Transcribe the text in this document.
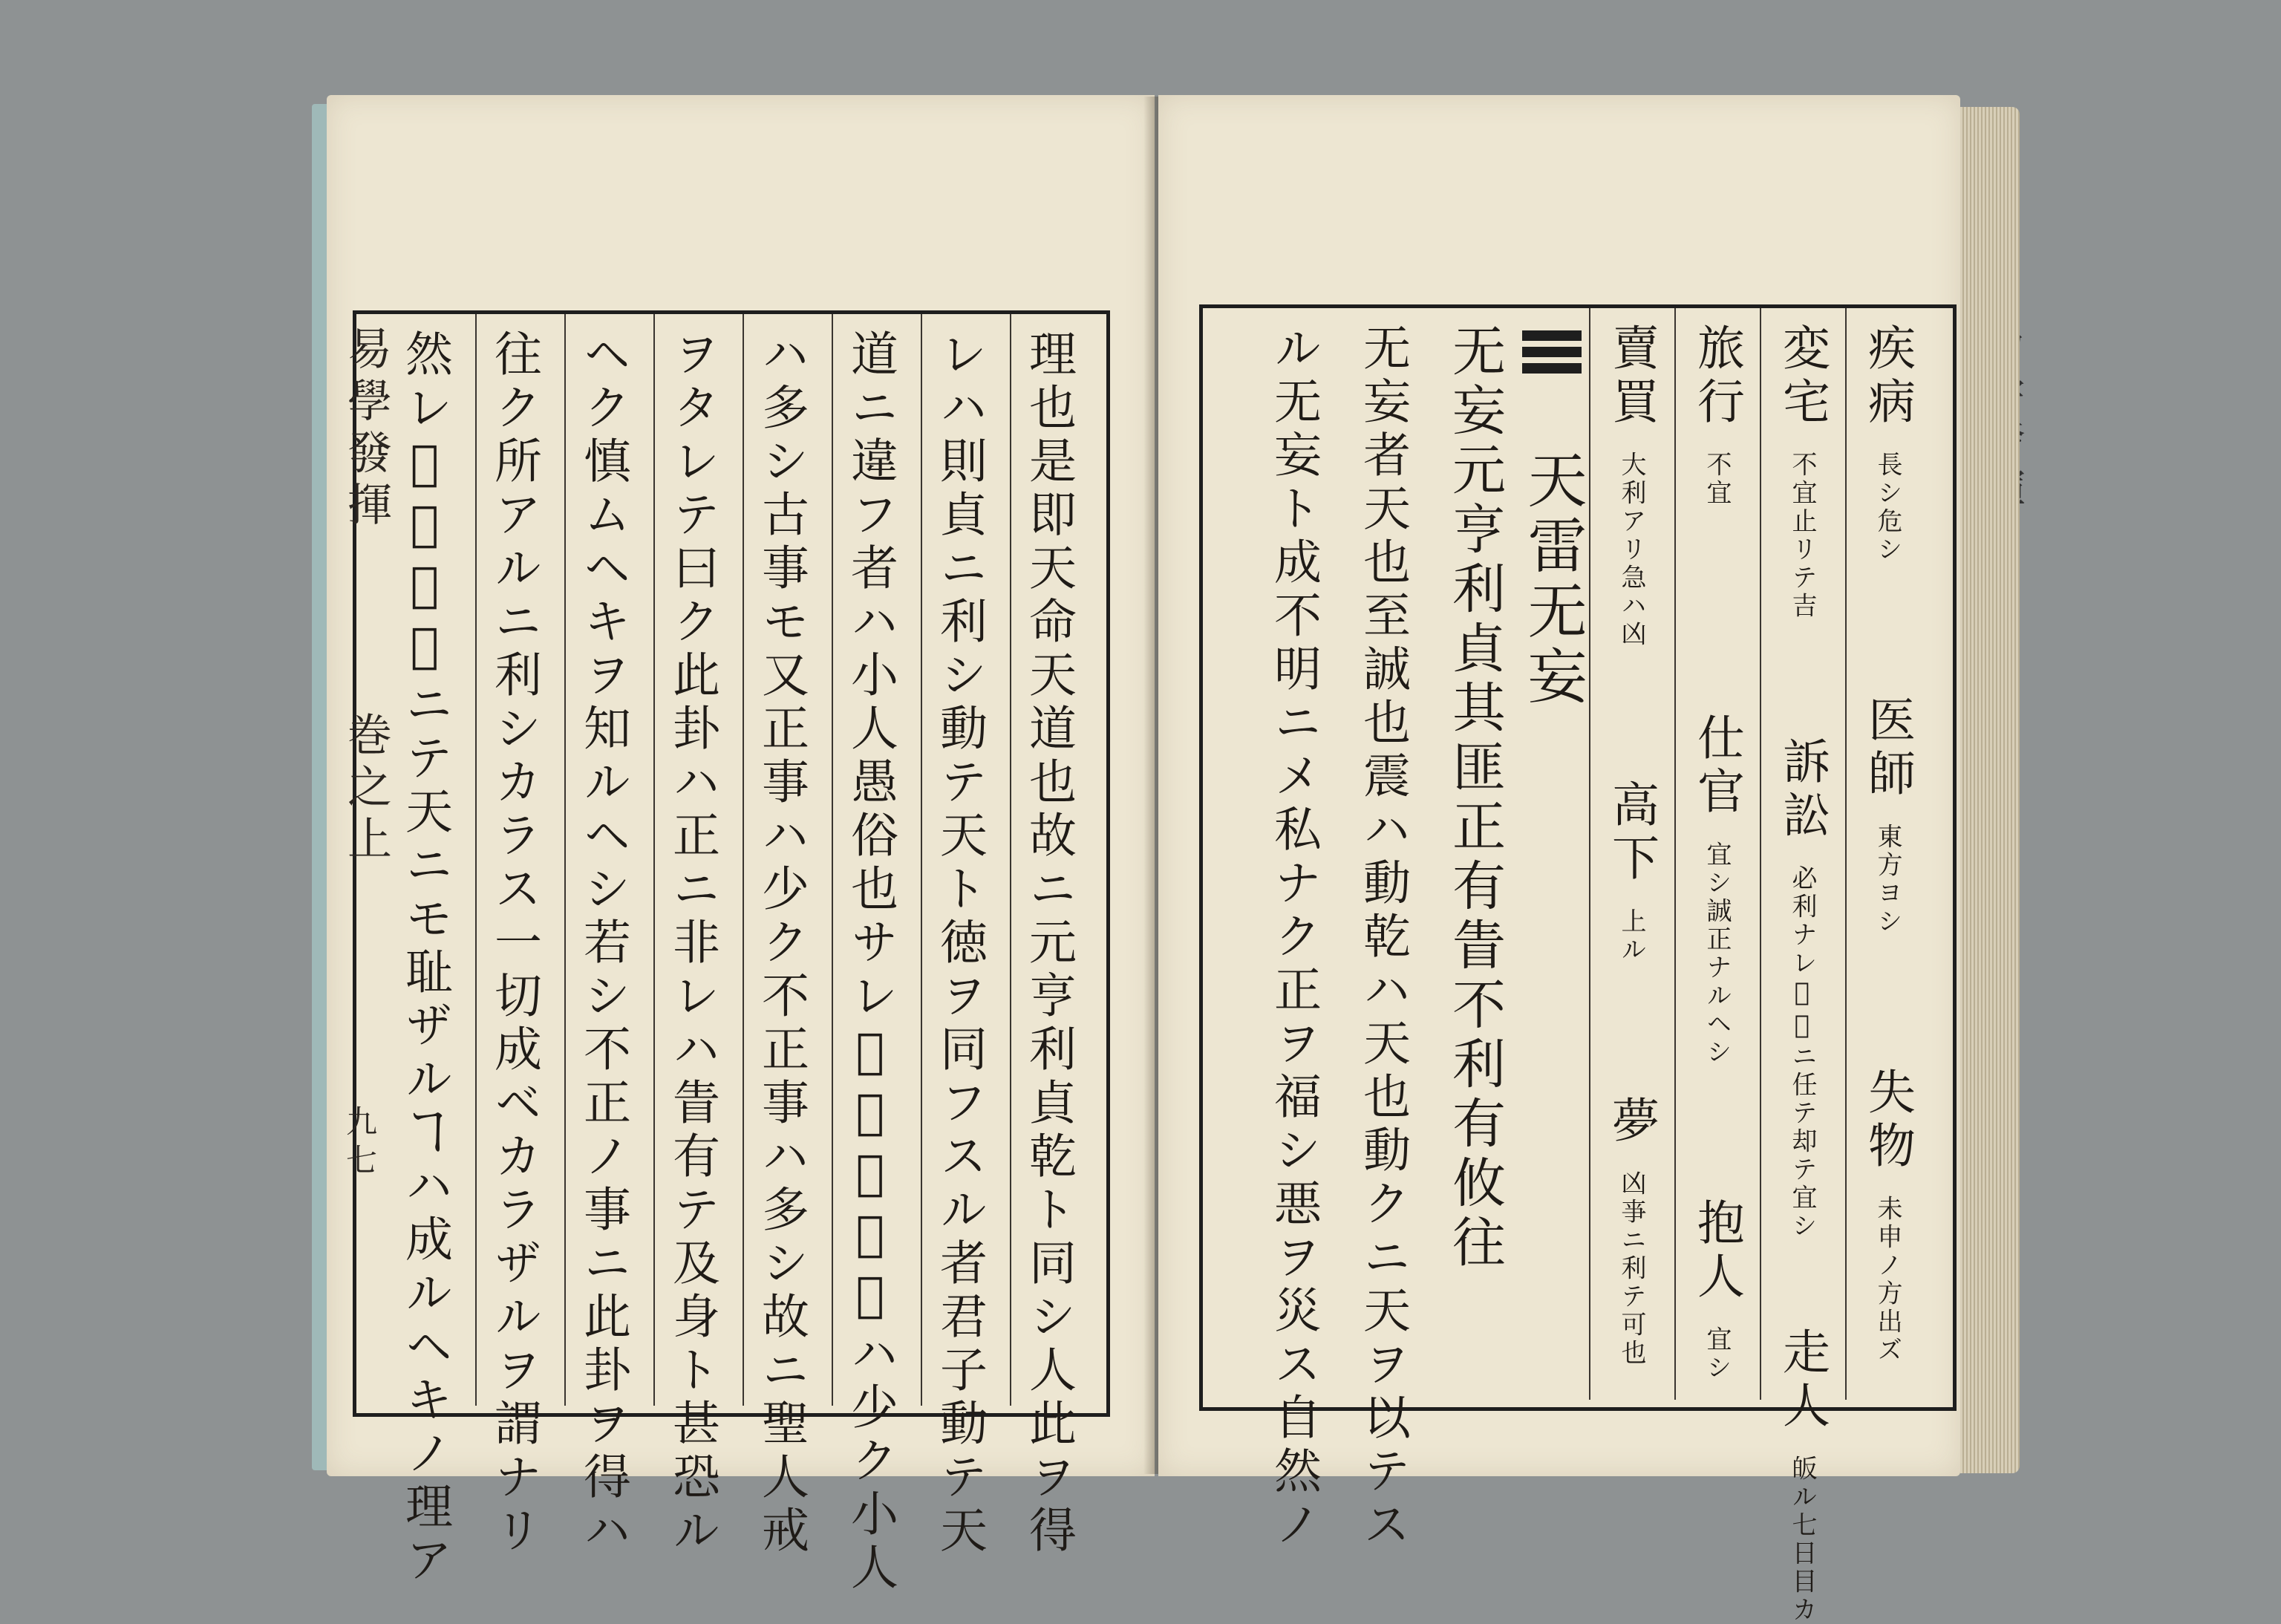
理也是即天命天道也故ニ元亨利貞乾ト同シ人此ヲ得
レハ則貞ニ利シ動テ天ト徳ヲ同フスル者君子動テ天
道ニ違フ者ハ小人愚俗也サレ𪜈古今君子ハ少ク小人
ハ多シ古事モ又正事ハ少ク不正事ハ多シ故ニ聖人戒
ヲタレテ曰ク此卦ハ正ニ非レハ眚有テ及身ト甚恐ル
ヘク慎ムヘキヲ知ルヘシ若シ不正ノ事ニ此卦ヲ得ハ
往ク所アルニ利シカラス一切成ベカラザルヲ謂ナリ
然レ𪜈事公理ニテ天ニモ耻ザルヿハ成ルヘキノ理ア
易學發揮
巻之上
九七
疾病 長シ危シ  医師 東方ヨシ  失物 未申ノ方出ズ
変宅 不宜止リテ吉  訴訟 必利ナレ𪜈扱ニ任テ却テ宜シ  走人 皈ル七日目カ
旅行 不宜  仕官 宜シ誠正ナルヘシ  抱人 宜シ
賣買 大利アリ急ハ凶  高下 上ル  夢 凶亊ニ利テ可也
天雷无妄
无妄元亨利貞其匪正有眚不利有攸往
无妄者天也至誠也震ハ動乾ハ天也動クニ天ヲ以テス
ル无妄ト成不明ニメ私ナク正ヲ福シ悪ヲ災ス自然ノ
